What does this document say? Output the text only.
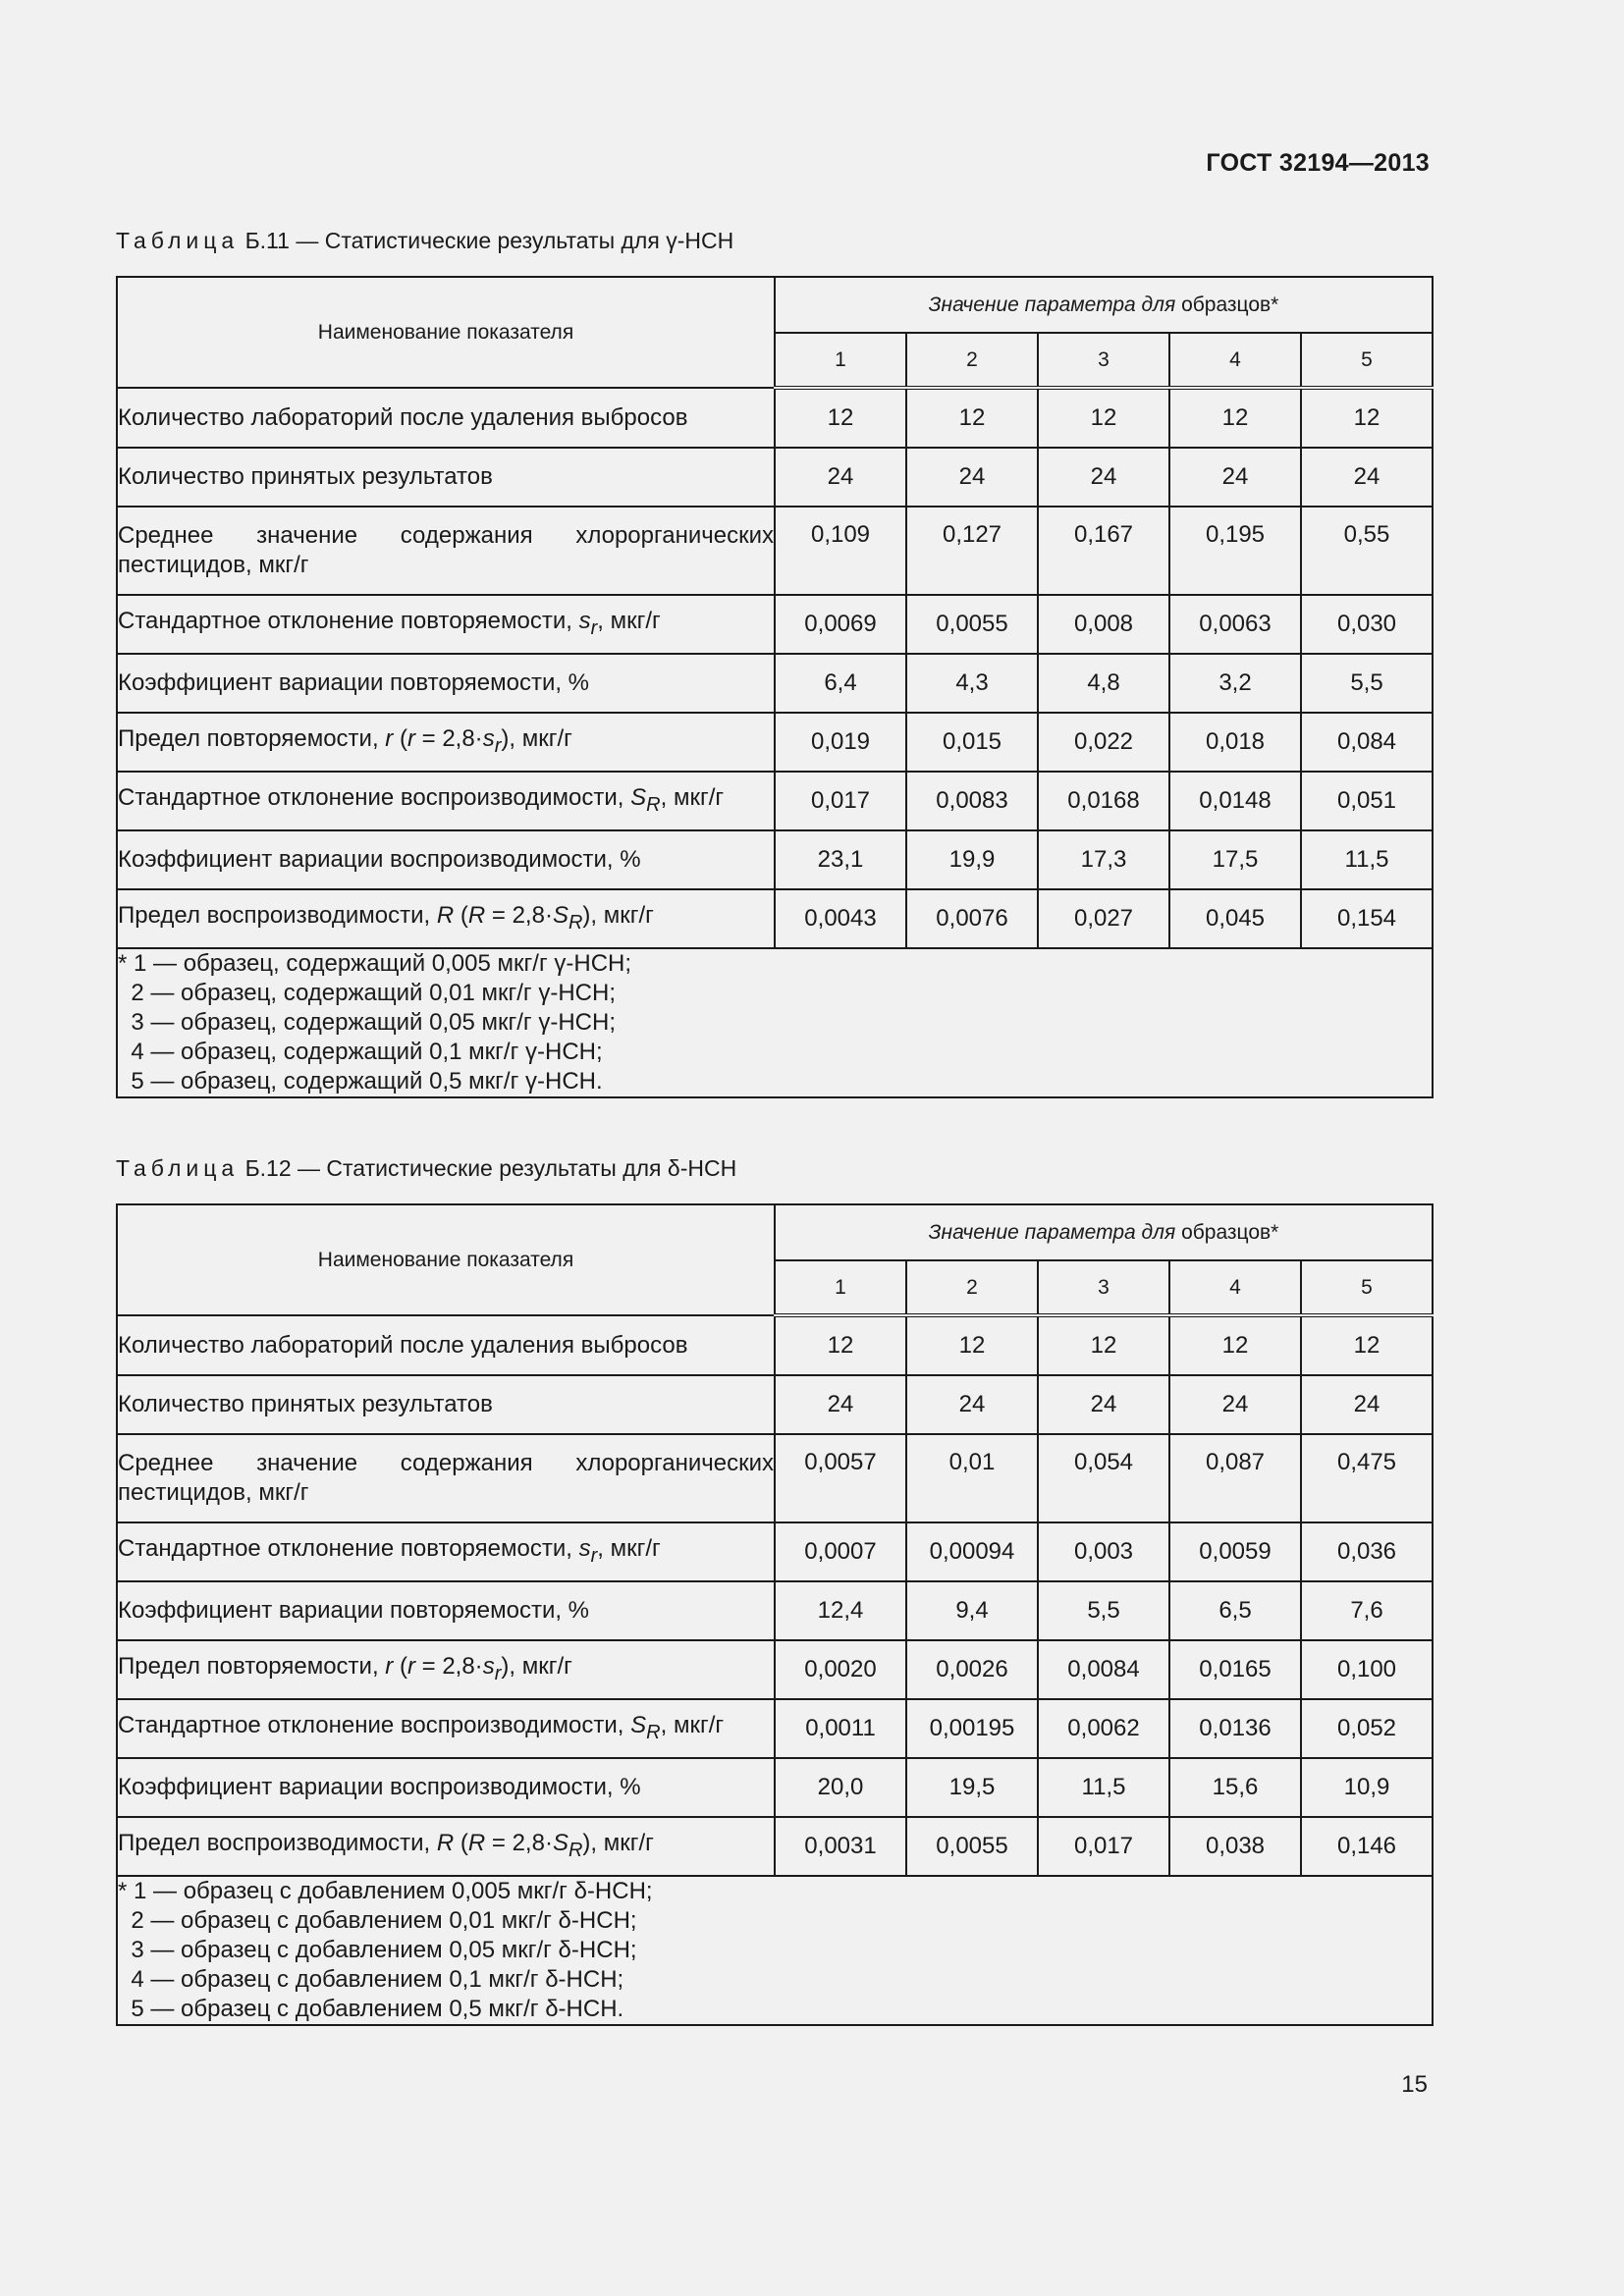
ГОСТ 32194—2013
Таблица Б.11 — Статистические результаты для γ-HCH
Наименование показателя	Значение параметра для образцов*				
	1	2	3	4	5
Количество лабораторий после удаления выбросов	12	12	12	12	12
Количество принятых результатов	24	24	24	24	24
Среднее значение содержания хлорорганических пестицидов, мкг/г	0,109	0,127	0,167	0,195	0,55
Стандартное отклонение повторяемости, $s_r$, мкг/г	0,0069	0,0055	0,008	0,0063	0,030
Коэффициент вариации повторяемости, %	6,4	4,3	4,8	3,2	5,5
Предел повторяемости, r $(r = 2,8\cdot s_r)$, мкг/г	0,019	0,015	0,022	0,018	0,084
Стандартное отклонение воспроизводимости, $S_R$, мкг/г	0,017	0,0083	0,0168	0,0148	0,051
Коэффициент вариации воспроизводимости, %	23,1	19,9	17,3	17,5	11,5
Предел воспроизводимости, R $(R = 2,8\cdot S_R)$, мкг/г	0,0043	0,0076	0,027	0,045	0,154

* 1 — образец, содержащий 0,005 мкг/г γ-HCH;
2 — образец, содержащий 0,01 мкг/г γ-HCH;
3 — образец, содержащий 0,05 мкг/г γ-HCH;
4 — образец, содержащий 0,1 мкг/г γ-HCH;
5 — образец, содержащий 0,5 мкг/г γ-HCH.					
Таблица Б.12 — Статистические результаты для δ-HCH
Наименование показателя	Значение параметра для образцов*				
	1	2	3	4	5
Количество лабораторий после удаления выбросов	12	12	12	12	12
Количество принятых результатов	24	24	24	24	24
Среднее значение содержания хлорорганических пестицидов, мкг/г	0,0057	0,01	0,054	0,087	0,475
Стандартное отклонение повторяемости, $s_r$, мкг/г	0,0007	0,00094	0,003	0,0059	0,036
Коэффициент вариации повторяемости, %	12,4	9,4	5,5	6,5	7,6
Предел повторяемости, r $(r = 2,8\cdot s_r)$, мкг/г	0,0020	0,0026	0,0084	0,0165	0,100
Стандартное отклонение воспроизводимости, $S_R$, мкг/г	0,0011	0,00195	0,0062	0,0136	0,052
Коэффициент вариации воспроизводимости, %	20,0	19,5	11,5	15,6	10,9
Предел воспроизводимости, R $(R = 2,8\cdot S_R)$, мкг/г	0,0031	0,0055	0,017	0,038	0,146

* 1 — образец с добавлением 0,005 мкг/г δ-HCH;
2 — образец с добавлением 0,01 мкг/г δ-HCH;
3 — образец с добавлением 0,05 мкг/г δ-HCH;
4 — образец с добавлением 0,1 мкг/г δ-HCH;
5 — образец с добавлением 0,5 мкг/г δ-HCH.					
15
